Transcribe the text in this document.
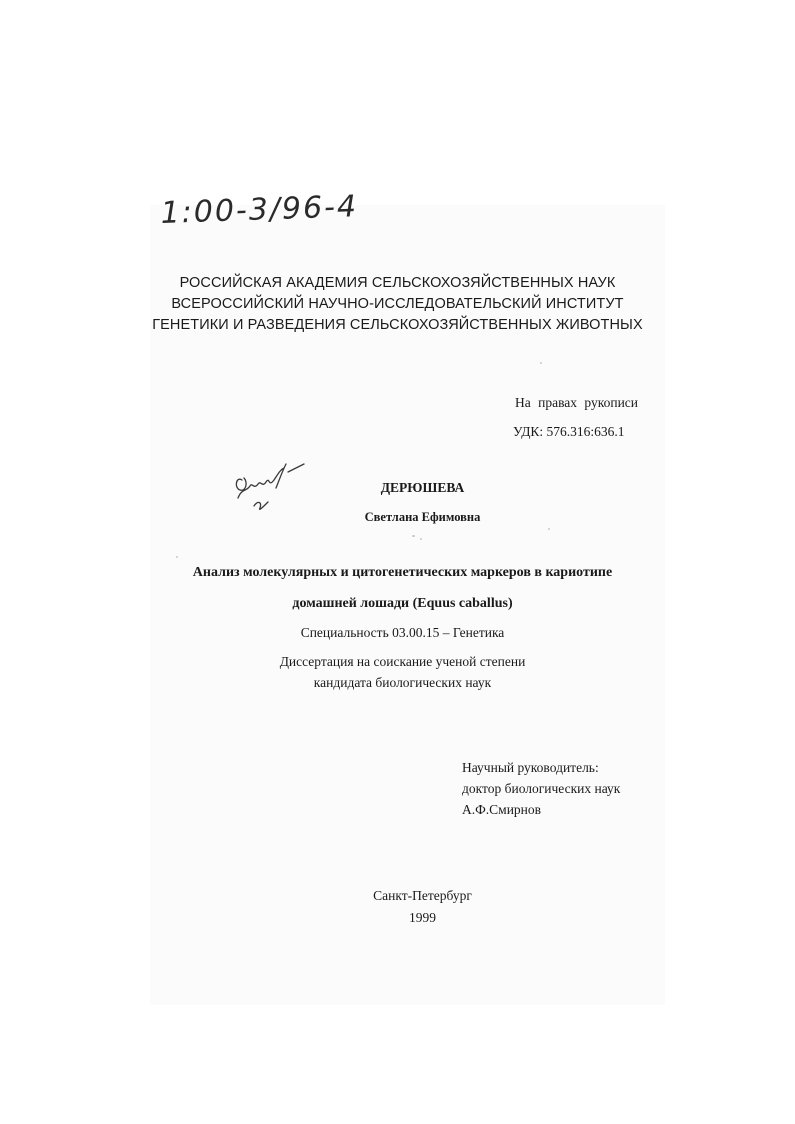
1:00-3/96-4
РОССИЙСКАЯ АКАДЕМИЯ СЕЛЬСКОХОЗЯЙСТВЕННЫХ НАУК
ВСЕРОССИЙСКИЙ НАУЧНО-ИССЛЕДОВАТЕЛЬСКИЙ ИНСТИТУТ
ГЕНЕТИКИ И РАЗВЕДЕНИЯ СЕЛЬСКОХОЗЯЙСТВЕННЫХ ЖИВОТНЫХ
На правах рукописи
УДК: 576.316:636.1
ДЕРЮШЕВА
Светлана Ефимовна
Анализ молекулярных и цитогенетических маркеров в кариотипе
домашней лошади (Equus caballus)
Специальность 03.00.15 – Генетика
Диссертация на соискание ученой степени
кандидата биологических наук
Научный руководитель:
доктор биологических наук
А.Ф.Смирнов
Санкт-Петербург
1999
